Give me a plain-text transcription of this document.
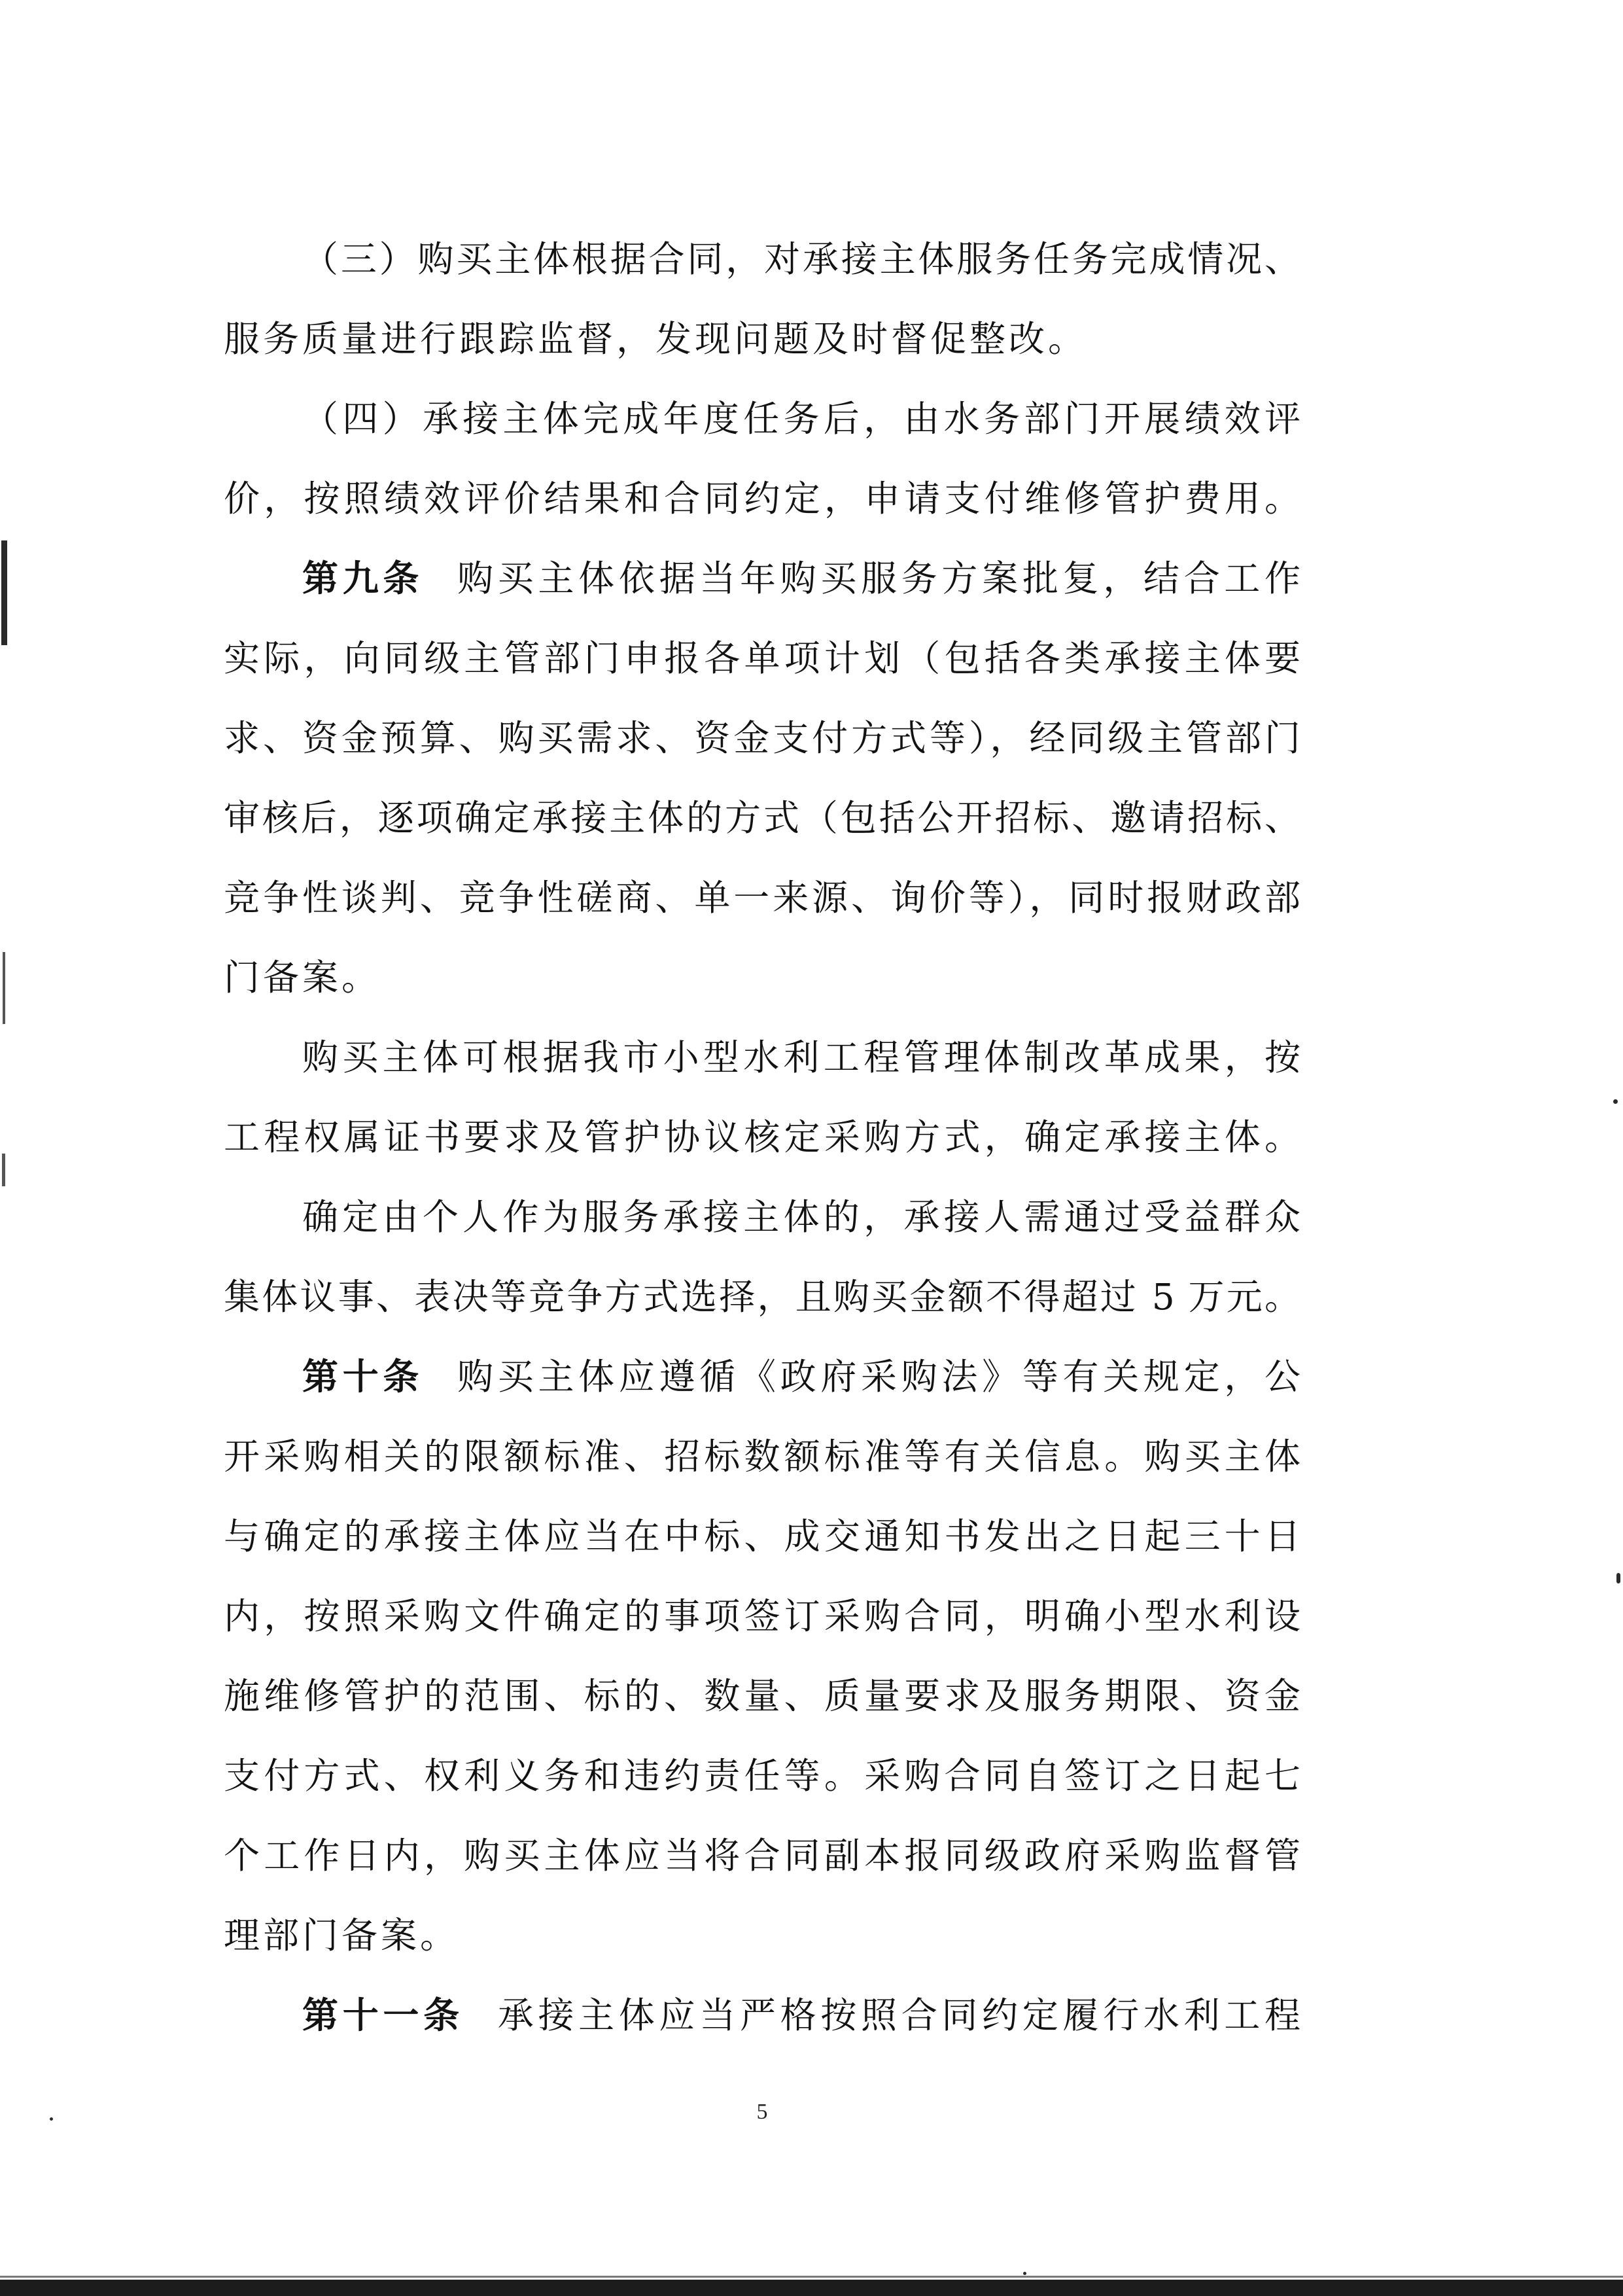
（三）购买主体根据合同，对承接主体服务任务完成情况、
服务质量进行跟踪监督，发现问题及时督促整改。
（四）承接主体完成年度任务后，由水务部门开展绩效评
价，按照绩效评价结果和合同约定，申请支付维修管护费用。
第九条 购买主体依据当年购买服务方案批复，结合工作
实际，向同级主管部门申报各单项计划（包括各类承接主体要
求、资金预算、购买需求、资金支付方式等），经同级主管部门
审核后，逐项确定承接主体的方式（包括公开招标、邀请招标、
竞争性谈判、竞争性磋商、单一来源、询价等），同时报财政部
门备案。
购买主体可根据我市小型水利工程管理体制改革成果，按
工程权属证书要求及管护协议核定采购方式，确定承接主体。
确定由个人作为服务承接主体的，承接人需通过受益群众
集体议事、表决等竞争方式选择，且购买金额不得超过 5 万元。
第十条 购买主体应遵循《政府采购法》等有关规定，公
开采购相关的限额标准、招标数额标准等有关信息。购买主体
与确定的承接主体应当在中标、成交通知书发出之日起三十日
内，按照采购文件确定的事项签订采购合同，明确小型水利设
施维修管护的范围、标的、数量、质量要求及服务期限、资金
支付方式、权利义务和违约责任等。采购合同自签订之日起七
个工作日内，购买主体应当将合同副本报同级政府采购监督管
理部门备案。
第十一条 承接主体应当严格按照合同约定履行水利工程
5
